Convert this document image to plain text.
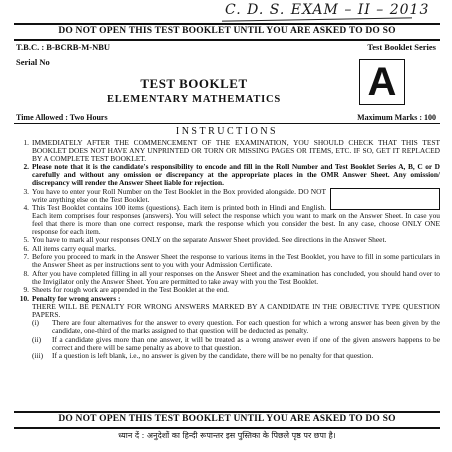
C. D. S. EXAM – II – 2013
DO NOT OPEN THIS TEST BOOKLET UNTIL YOU ARE ASKED TO DO SO
T.B.C. : B-BCRB-M-NBU	Test Booklet Series
Serial No	A
TEST BOOKLET
ELEMENTARY MATHEMATICS
Time Allowed : Two Hours	Maximum Marks : 100
INSTRUCTIONS
1. IMMEDIATELY AFTER THE COMMENCEMENT OF THE EXAMINATION, YOU SHOULD CHECK THAT THIS TEST BOOKLET DOES NOT HAVE ANY UNPRINTED OR TORN OR MISSING PAGES OR ITEMS, ETC. IF SO, GET IT REPLACED BY A COMPLETE TEST BOOKLET.
2. Please note that it is the candidate's responsibility to encode and fill in the Roll Number and Test Booklet Series A, B, C or D carefully and without any omission or discrepancy at the appropriate places in the OMR Answer Sheet. Any omission/ discrepancy will render the Answer Sheet liable for rejection.
3. You have to enter your Roll Number on the Test Booklet in the Box provided alongside. DO NOT write anything else on the Test Booklet.
4. This Test Booklet contains 100 items (questions). Each item is printed both in Hindi and English. Each item comprises four responses (answers). You will select the response which you want to mark on the Answer Sheet. In case you feel that there is more than one correct response, mark the response which you consider the best. In any case, choose ONLY ONE response for each item.
5. You have to mark all your responses ONLY on the separate Answer Sheet provided. See directions in the Answer Sheet.
6. All items carry equal marks.
7. Before you proceed to mark in the Answer Sheet the response to various items in the Test Booklet, you have to fill in some particulars in the Answer Sheet as per instructions sent to you with your Admission Certificate.
8. After you have completed filling in all your responses on the Answer Sheet and the examination has concluded, you should hand over to the Invigilator only the Answer Sheet. You are permitted to take away with you the Test Booklet.
9. Sheets for rough work are appended in the Test Booklet at the end.
10. Penalty for wrong answers :
THERE WILL BE PENALTY FOR WRONG ANSWERS MARKED BY A CANDIDATE IN THE OBJECTIVE TYPE QUESTION PAPERS.
(i) There are four alternatives for the answer to every question. For each question for which a wrong answer has been given by the candidate, one-third of the marks assigned to that question will be deducted as penalty.
(ii) If a candidate gives more than one answer, it will be treated as a wrong answer even if one of the given answers happens to be correct and there will be same penalty as above to that question.
(iii) If a question is left blank, i.e., no answer is given by the candidate, there will be no penalty for that question.
DO NOT OPEN THIS TEST BOOKLET UNTIL YOU ARE ASKED TO DO SO
ध्यान दें : अनुदेशों का हिन्दी रूपान्तर इस पुस्तिका के पिछले पृष्ठ पर छपा है।
